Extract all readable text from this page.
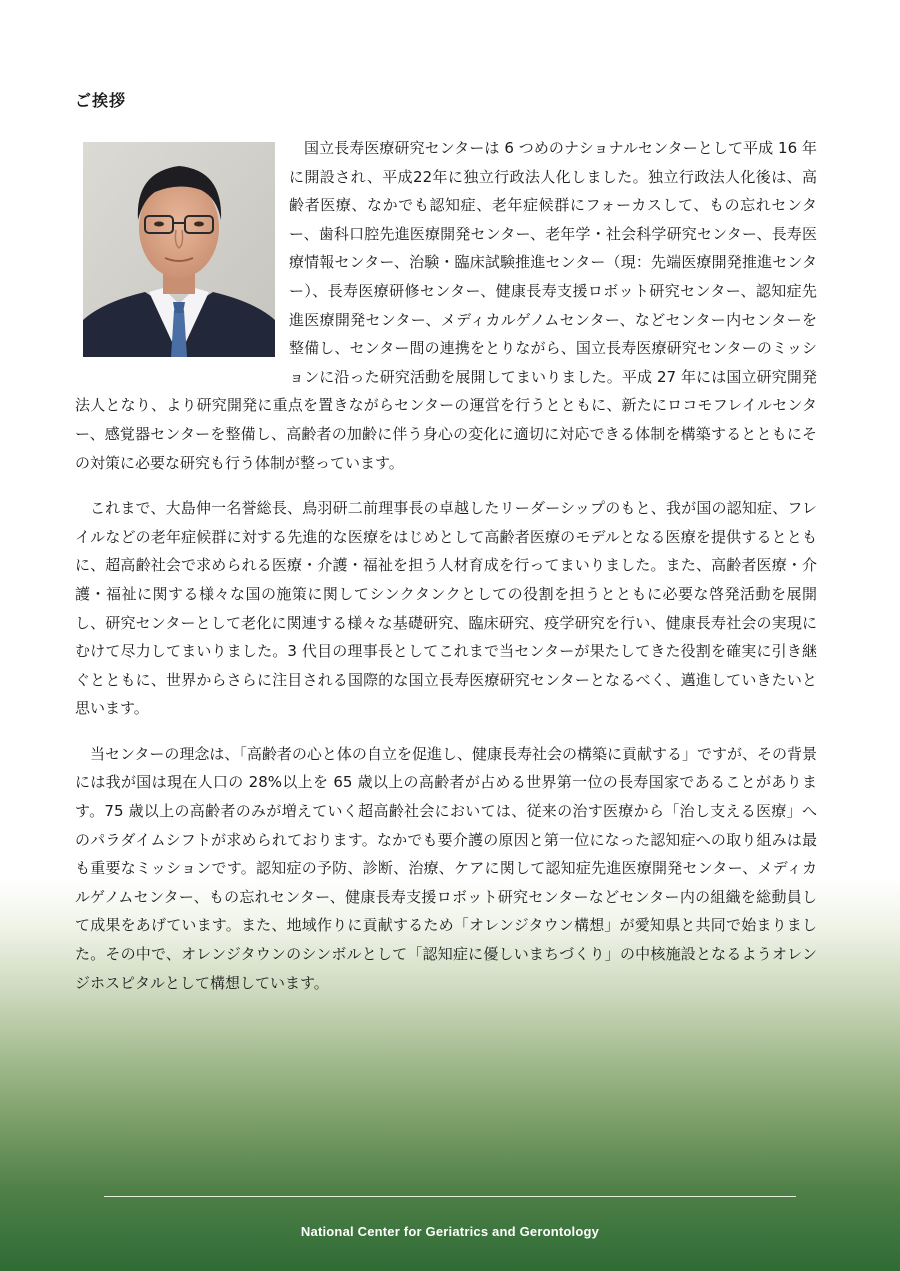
ご挨拶

国立長寿医療研究センターは 6 つめのナショナルセンターとして平成 16 年に開設され、平成22年に独立行政法人化しました。独立行政法人化後は、高齢者医療、なかでも認知症、老年症候群にフォーカスして、もの忘れセンター、歯科口腔先進医療開発センター、老年学・社会科学研究センター、長寿医療情報センター、治験・臨床試験推進センター（現：先端医療開発推進センター）、長寿医療研修センター、健康長寿支援ロボット研究センター、認知症先進医療開発センター、メディカルゲノムセンター、などセンター内センターを整備し、センター間の連携をとりながら、国立長寿医療研究センターのミッションに沿った研究活動を展開してまいりました。平成 27 年には国立研究開発法人となり、より研究開発に重点を置きながらセンターの運営を行うとともに、新たにロコモフレイルセンター、感覚器センターを整備し、高齢者の加齢に伴う身心の変化に適切に対応できる体制を構築するとともにその対策に必要な研究も行う体制が整っています。

これまで、大島伸一名誉総長、鳥羽研二前理事長の卓越したリーダーシップのもと、我が国の認知症、フレイルなどの老年症候群に対する先進的な医療をはじめとして高齢者医療のモデルとなる医療を提供するとともに、超高齢社会で求められる医療・介護・福祉を担う人材育成を行ってまいりました。また、高齢者医療・介護・福祉に関する様々な国の施策に関してシンクタンクとしての役割を担うとともに必要な啓発活動を展開し、研究センターとして老化に関連する様々な基礎研究、臨床研究、疫学研究を行い、健康長寿社会の実現にむけて尽力してまいりました。3 代目の理事長としてこれまで当センターが果たしてきた役割を確実に引き継ぐとともに、世界からさらに注目される国際的な国立長寿医療研究センターとなるべく、邁進していきたいと思います。

当センターの理念は、「高齢者の心と体の自立を促進し、健康長寿社会の構築に貢献する」ですが、その背景には我が国は現在人口の 28%以上を 65 歳以上の高齢者が占める世界第一位の長寿国家であることがあります。75 歳以上の高齢者のみが増えていく超高齢社会においては、従来の治す医療から「治し支える医療」へのパラダイムシフトが求められております。なかでも要介護の原因と第一位になった認知症への取り組みは最も重要なミッションです。認知症の予防、診断、治療、ケアに関して認知症先進医療開発センター、メディカルゲノムセンター、もの忘れセンター、健康長寿支援ロボット研究センターなどセンター内の組織を総動員して成果をあげています。また、地域作りに貢献するため「オレンジタウン構想」が愛知県と共同で始まりました。その中で、オレンジタウンのシンボルとして「認知症に優しいまちづくり」の中核施設となるようオレンジホスピタルとして構想しています。

National Center for Geriatrics and Gerontology
